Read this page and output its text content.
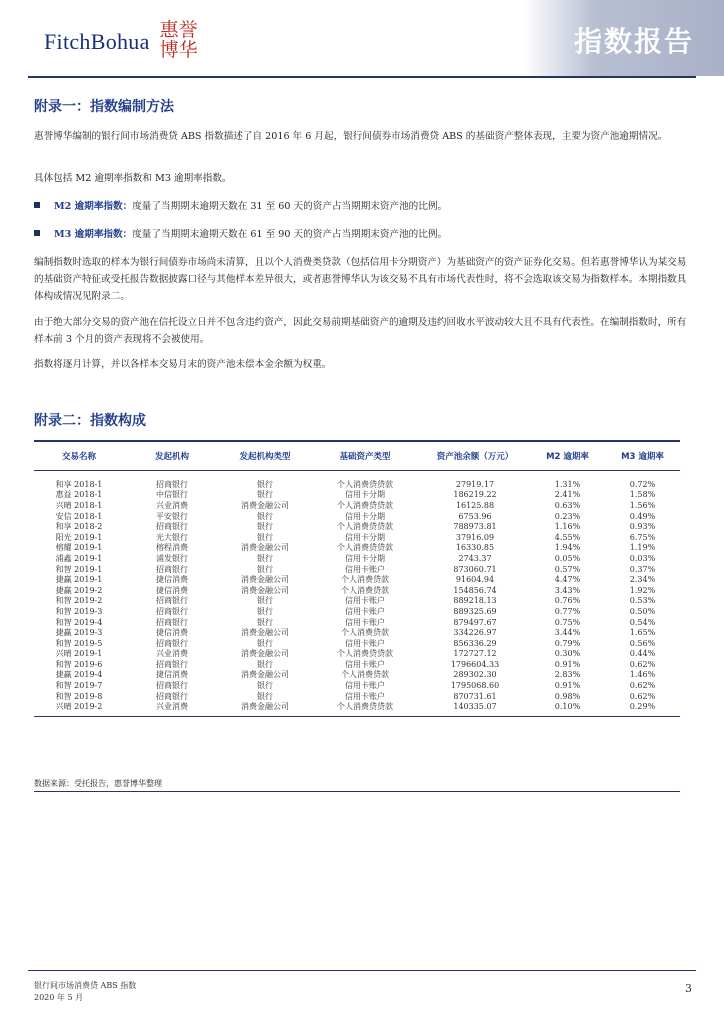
FitchBohua 惠誉
博华	指数报告
附录一：指数编制方法
惠誉博华编制的银行间市场消费贷 ABS 指数描述了自 2016 年 6 月起，银行间债券市场消费贷 ABS 的基础资产整体表现，主要为资产池逾期情况。
具体包括 M2 逾期率指数和 M3 逾期率指数。
M2 逾期率指数：度量了当期期末逾期天数在 31 至 60 天的资产占当期期末资产池的比例。
M3 逾期率指数：度量了当期期末逾期天数在 61 至 90 天的资产占当期期末资产池的比例。
编制指数时选取的样本为银行间债券市场尚未清算，且以个人消费类贷款（包括信用卡分期资产）为基础资产的资产证券化交易。但若惠誉博华认为某交易的基础资产特征或受托报告数据披露口径与其他样本差异很大，或者惠誉博华认为该交易不具有市场代表性时，将不会选取该交易为指数样本。本期指数具体构成情况见附录二。
由于绝大部分交易的资产池在信托设立日并不包含违约资产，因此交易前期基础资产的逾期及违约回收水平波动较大且不具有代表性。在编制指数时，所有样本前 3 个月的资产表现将不会被使用。
指数将逐月计算，并以各样本交易月末的资产池未偿本金余额为权重。
附录二：指数构成
交易名称	发起机构	发起机构类型	基础资产类型	资产池余额（万元）	M2 逾期率	M3 逾期率
和享 2018-1	招商银行	银行	个人消费贷贷款	27919.17	1.31%	0.72%
惠益 2018-1	中信银行	银行	信用卡分期	186219.22	2.41%	1.58%
兴晴 2018-1	兴业消费	消费金融公司	个人消费贷贷款	16125.88	0.63%	1.56%
安信 2018-1	平安银行	银行	信用卡分期	6753.96	0.23%	0.49%
和享 2018-2	招商银行	银行	个人消费贷贷款	788973.81	1.16%	0.93%
阳光 2019-1	光大银行	银行	信用卡分期	37916.09	4.55%	6.75%
榕耀 2019-1	榕程消费	消费金融公司	个人消费贷贷款	16330.85	1.94%	1.19%
浦鑫 2019-1	浦发银行	银行	信用卡分期	2743.37	0.05%	0.03%
和智 2019-1	招商银行	银行	信用卡账户	873060.71	0.57%	0.37%
捷赢 2019-1	捷信消费	消费金融公司	个人消费贷款	91604.94	4.47%	2.34%
捷赢 2019-2	捷信消费	消费金融公司	个人消费贷款	154856.74	3.43%	1.92%
和智 2019-2	招商银行	银行	信用卡账户	889218.13	0.76%	0.53%
和智 2019-3	招商银行	银行	信用卡账户	889325.69	0.77%	0.50%
和智 2019-4	招商银行	银行	信用卡账户	879497.67	0.75%	0.54%
捷赢 2019-3	捷信消费	消费金融公司	个人消费贷款	334226.97	3.44%	1.65%
和智 2019-5	招商银行	银行	信用卡账户	856336.29	0.79%	0.56%
兴晴 2019-1	兴业消费	消费金融公司	个人消费贷贷款	172727.12	0.30%	0.44%
和智 2019-6	招商银行	银行	信用卡账户	1796604.33	0.91%	0.62%
捷赢 2019-4	捷信消费	消费金融公司	个人消费贷款	289302.30	2.83%	1.46%
和智 2019-7	招商银行	银行	信用卡账户	1795068.60	0.91%	0.62%
和智 2019-8	招商银行	银行	信用卡账户	870731.61	0.98%	0.62%
兴晴 2019-2	兴业消费	消费金融公司	个人消费贷贷款	140335.07	0.10%	0.29%
数据来源：受托报告，惠誉博华整理
银行间市场消费贷 ABS 指数
2020 年 5 月
3
